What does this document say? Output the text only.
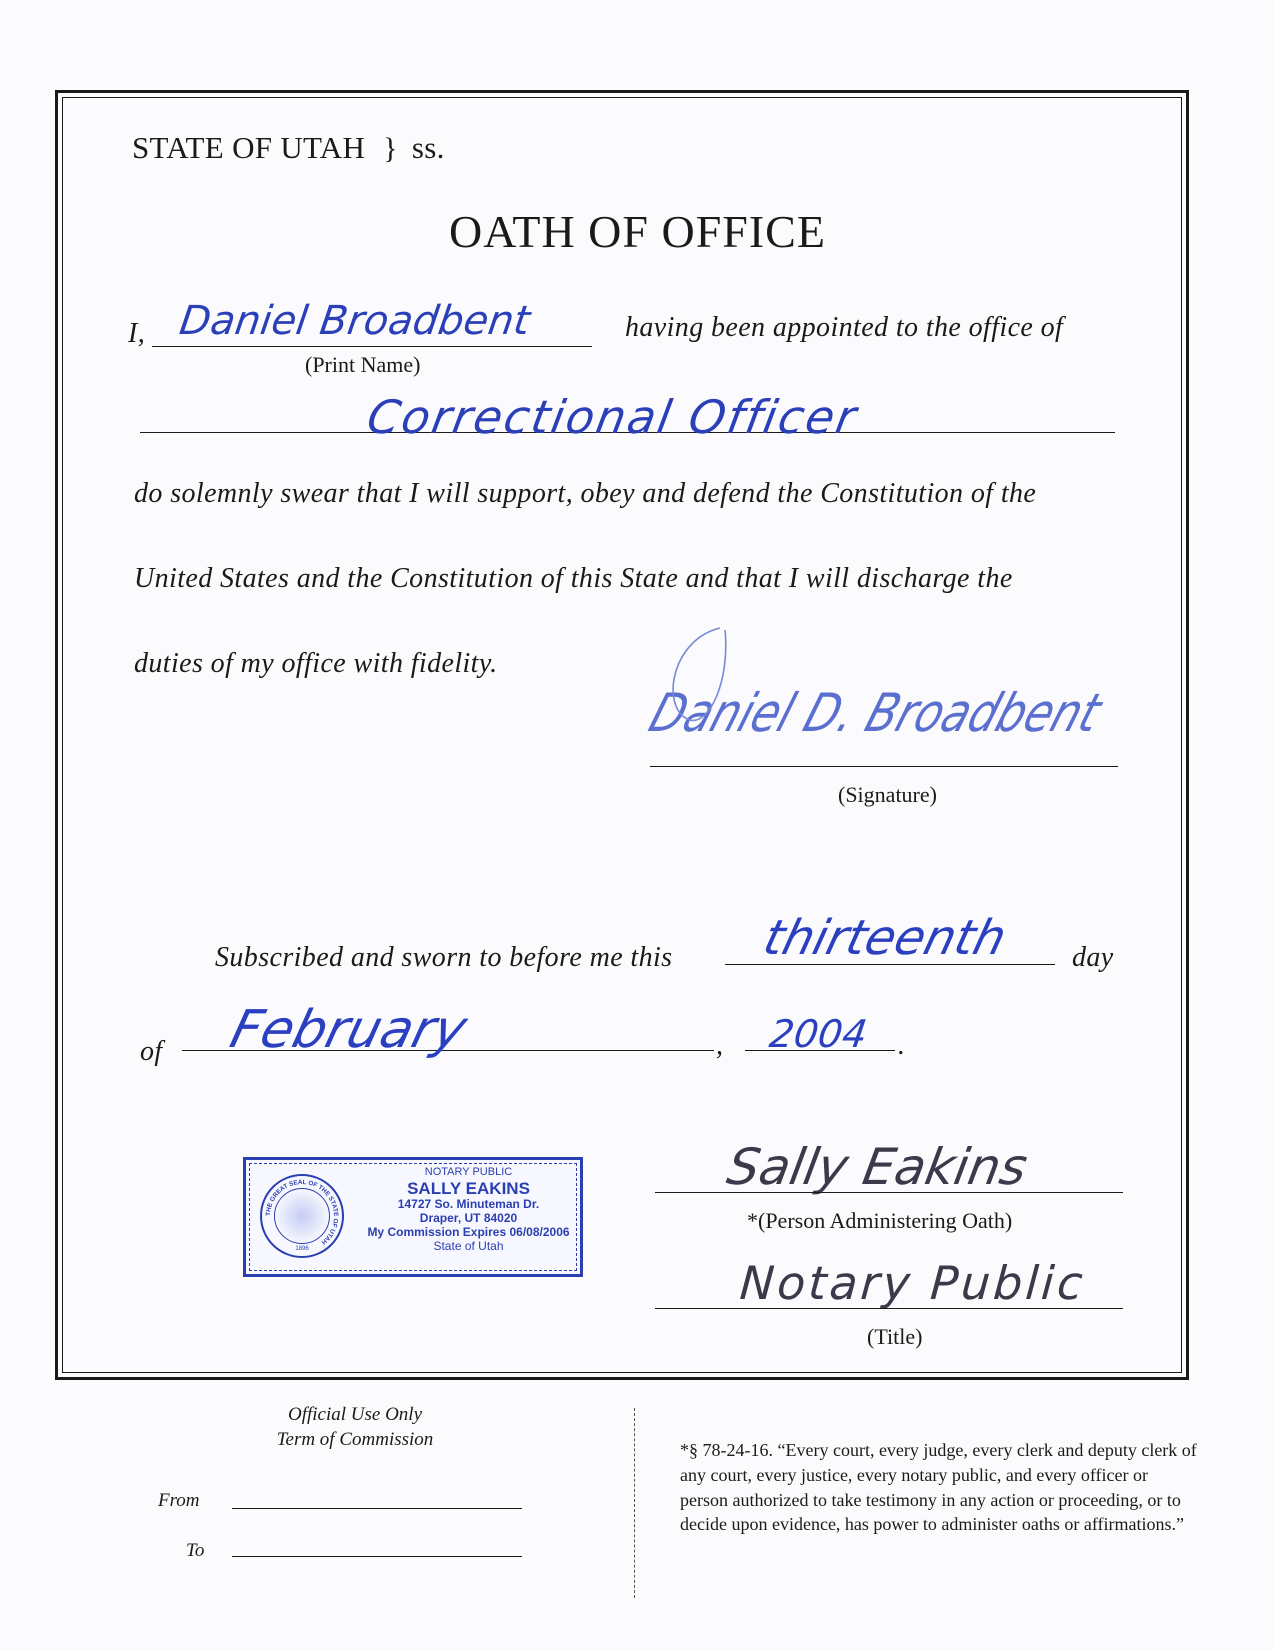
STATE OF UTAH } ss.
OATH OF OFFICE
I, Daniel Broadbent
(Print Name)
having been appointed to the office of
Correctional Officer
do solemnly swear that I will support, obey and defend the Constitution of the
United States and the Constitution of this State and that I will discharge the
duties of my office with fidelity.
Daniel D. Broadbent
(Signature)
Subscribed and sworn to before me this thirteenth day
of February	, 2004 .
THE GREAT SEAL OF THE STATE OF UTAH
1896
NOTARY PUBLIC
SALLY EAKINS
14727 So. Minuteman Dr.
Draper, UT 84020
My Commission Expires 06/08/2006
State of Utah
Sally Eakins
*(Person Administering Oath)
Notary Public
(Title)
Official Use Only
Term of Commission
From
To
*§ 78-24-16. “Every court, every judge, every clerk and deputy clerk of any court, every justice, every notary public, and every officer or person authorized to take testimony in any action or proceeding, or to decide upon evidence, has power to administer oaths or affirmations.”
